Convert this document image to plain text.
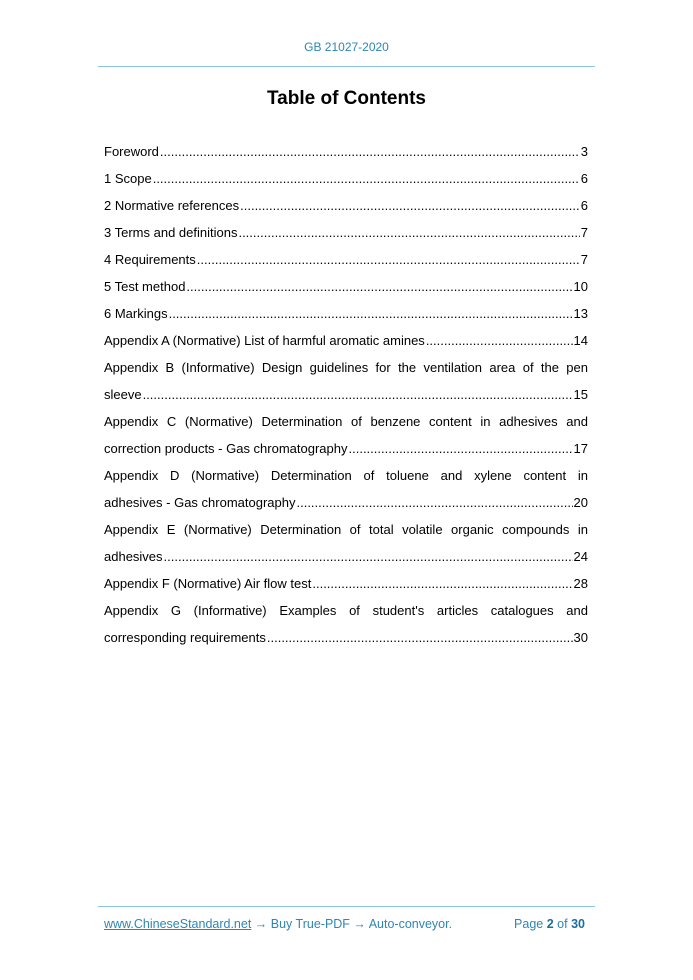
GB 21027-2020
Table of Contents
Foreword .....	3
1 Scope .....	6
2 Normative references .....	6
3 Terms and definitions .....	7
4 Requirements .....	7
5 Test method .....	10
6 Markings .....	13
Appendix A (Normative) List of harmful aromatic amines .....	14
Appendix B (Informative) Design guidelines for the ventilation area of the pen
sleeve .....	15
Appendix C (Normative) Determination of benzene content in adhesives and
correction products - Gas chromatography .....	17
Appendix D (Normative) Determination of toluene and xylene content in
adhesives - Gas chromatography .....	20
Appendix E (Normative) Determination of total volatile organic compounds in
adhesives .....	24
Appendix F (Normative) Air flow test .....	28
Appendix G (Informative) Examples of student's articles catalogues and
corresponding requirements .....	30
www.ChineseStandard.net → Buy True-PDF → Auto-conveyor.	Page 2 of 30
